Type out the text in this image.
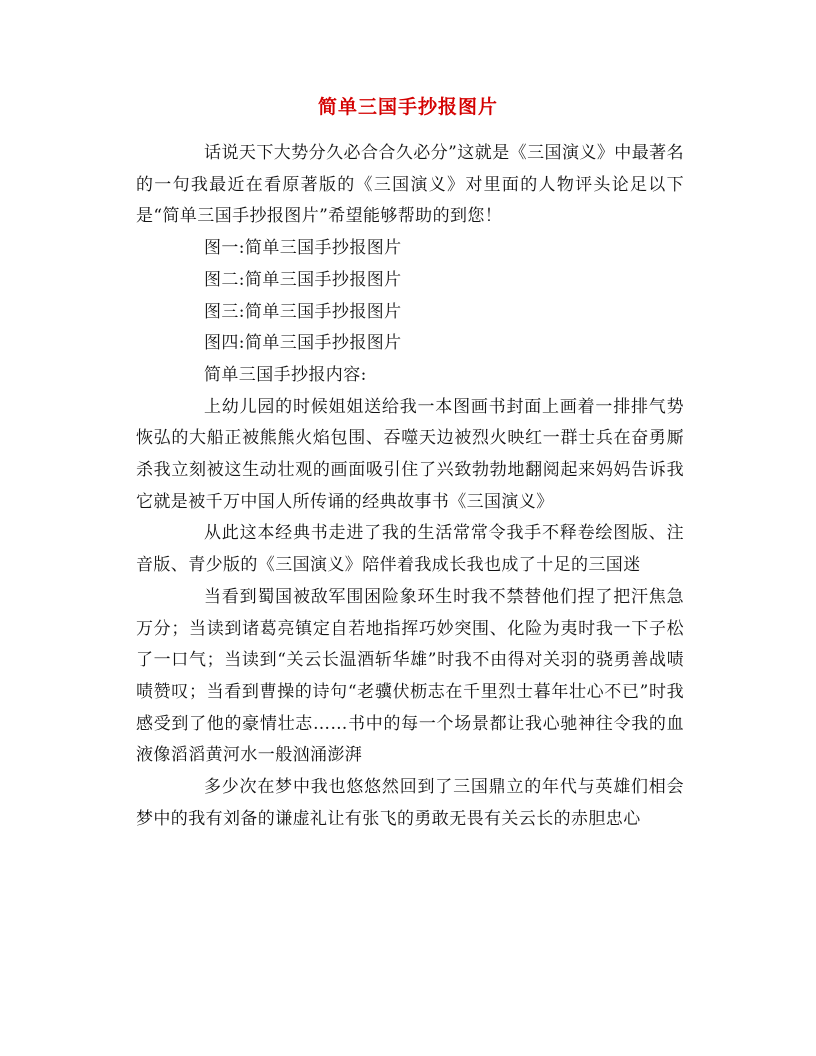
简单三国手抄报图片

话说天下大势分久必合合久必分”这就是《三国演义》中最著名的一句我最近在看原著版的《三国演义》对里面的人物评头论足以下是“简单三国手抄报图片”希望能够帮助的到您！

图一:简单三国手抄报图片

图二:简单三国手抄报图片

图三:简单三国手抄报图片

图四:简单三国手抄报图片

简单三国手抄报内容:

上幼儿园的时候姐姐送给我一本图画书封面上画着一排排气势恢弘的大船正被熊熊火焰包围、吞噬天边被烈火映红一群士兵在奋勇厮杀我立刻被这生动壮观的画面吸引住了兴致勃勃地翻阅起来妈妈告诉我它就是被千万中国人所传诵的经典故事书《三国演义》

从此这本经典书走进了我的生活常常令我手不释卷绘图版、注音版、青少版的《三国演义》陪伴着我成长我也成了十足的三国迷

当看到蜀国被敌军围困险象环生时我不禁替他们捏了把汗焦急万分；当读到诸葛亮镇定自若地指挥巧妙突围、化险为夷时我一下子松了一口气；当读到“关云长温酒斩华雄”时我不由得对关羽的骁勇善战啧啧赞叹；当看到曹操的诗句“老骥伏枥志在千里烈士暮年壮心不已”时我感受到了他的豪情壮志……书中的每一个场景都让我心驰神往令我的血液像滔滔黄河水一般汹涌澎湃

多少次在梦中我也悠悠然回到了三国鼎立的年代与英雄们相会梦中的我有刘备的谦虚礼让有张飞的勇敢无畏有关云长的赤胆忠心
